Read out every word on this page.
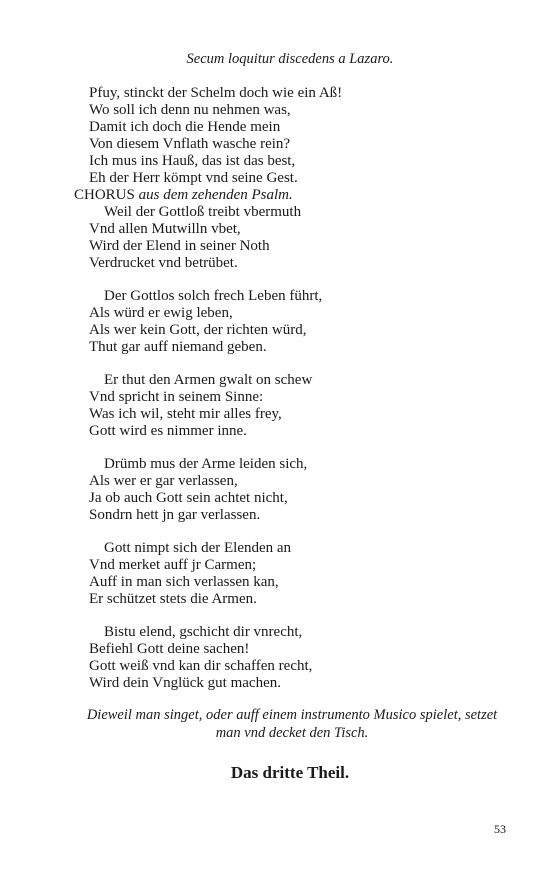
Secum loquitur discedens a Lazaro.
Pfuy, stinckt der Schelm doch wie ein Aß!
Wo soll ich denn nu nehmen was,
Damit ich doch die Hende mein
Von diesem Vnflath wasche rein?
Ich mus ins Hauß, das ist das best,
Eh der Herr kömpt vnd seine Gest.
CHORUS aus dem zehenden Psalm.
Weil der Gottloß treibt vbermuth
Vnd allen Mutwilln vbet,
Wird der Elend in seiner Noth
Verdrucket vnd betrübet.
Der Gottlos solch frech Leben führt,
Als würd er ewig leben,
Als wer kein Gott, der richten würd,
Thut gar auff niemand geben.
Er thut den Armen gwalt on schew
Vnd spricht in seinem Sinne:
Was ich wil, steht mir alles frey,
Gott wird es nimmer inne.
Drümb mus der Arme leiden sich,
Als wer er gar verlassen,
Ja ob auch Gott sein achtet nicht,
Sondrn hett jn gar verlassen.
Gott nimpt sich der Elenden an
Vnd merket auff jr Carmen;
Auff in man sich verlassen kan,
Er schützet stets die Armen.
Bistu elend, gschicht dir vnrecht,
Befiehl Gott deine sachen!
Gott weiß vnd kan dir schaffen recht,
Wird dein Vnglück gut machen.
Dieweil man singet, oder auff einem instrumento Musico spielet, setzet man vnd decket den Tisch.
Das dritte Theil.
53
